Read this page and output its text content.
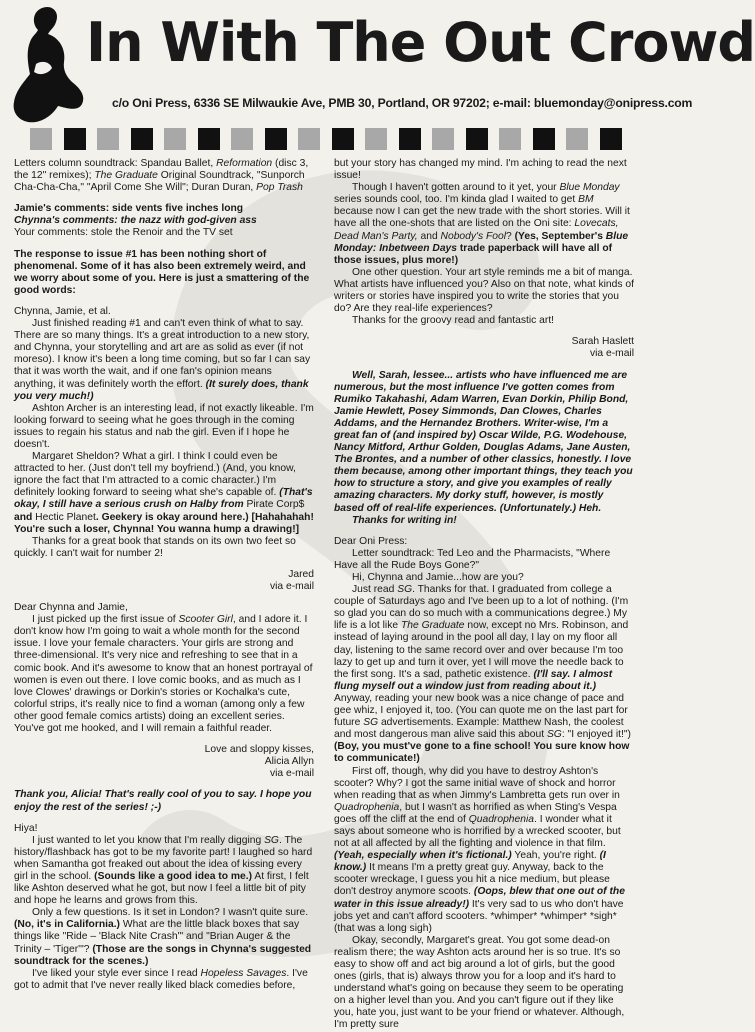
In With The Out Crowd
c/o Oni Press, 6336 SE Milwaukie Ave, PMB 30, Portland, OR 97202; e-mail: bluemonday@onipress.com

Letters column soundtrack: Spandau Ballet, Reformation (disc 3, the 12" remixes); The Graduate Original Soundtrack, "Sunporch Cha-Cha-Cha," "April Come She Will"; Duran Duran, Pop Trash

Jamie's comments: side vents five inches long

Chynna's comments: the nazz with god-given ass

Your comments: stole the Renoir and the TV set

The response to issue #1 has been nothing short of phenomenal. Some of it has also been extremely weird, and we worry about some of you. Here is just a smattering of the good words:

Chynna, Jamie, et al.

Just finished reading #1 and can't even think of what to say. There are so many things. It's a great introduction to a new story, and Chynna, your storytelling and art are as solid as ever (if not moreso). I know it's been a long time coming, but so far I can say that it was worth the wait, and if one fan's opinion means anything, it was definitely worth the effort. (It surely does, thank you very much!)

Ashton Archer is an interesting lead, if not exactly likeable. I'm looking forward to seeing what he goes through in the coming issues to regain his status and nab the girl. Even if I hope he doesn't.

Margaret Sheldon? What a girl. I think I could even be attracted to her. (Just don't tell my boyfriend.) (And, you know, ignore the fact that I'm attracted to a comic character.) I'm definitely looking forward to seeing what she's capable of. (That's okay, I still have a serious crush on Halby from Pirate Corp$ and Hectic Planet. Geekery is okay around here.) [Hahahahah! You're such a loser, Chynna! You wanna hump a drawing!]

Thanks for a great book that stands on its own two feet so quickly. I can't wait for number 2!

Jared

via e-mail

Dear Chynna and Jamie,

I just picked up the first issue of Scooter Girl, and I adore it. I don't know how I'm going to wait a whole month for the second issue. I love your female characters. Your girls are strong and three-dimensional. It's very nice and refreshing to see that in a comic book. And it's awesome to know that an honest portrayal of women is even out there. I love comic books, and as much as I love Clowes' drawings or Dorkin's stories or Kochalka's cute, colorful strips, it's really nice to find a woman (among only a few other good female comics artists) doing an excellent series. You've got me hooked, and I will remain a faithful reader.

Love and sloppy kisses,

Alicia Allyn

via e-mail

Thank you, Alicia! That's really cool of you to say. I hope you enjoy the rest of the series! ;-)

Hiya!

I just wanted to let you know that I'm really digging SG. The history/flashback has got to be my favorite part! I laughed so hard when Samantha got freaked out about the idea of kissing every girl in the school. (Sounds like a good idea to me.) At first, I felt like Ashton deserved what he got, but now I feel a little bit of pity and hope he learns and grows from this.

Only a few questions. Is it set in London? I wasn't quite sure. (No, it's in California.) What are the little black boxes that say things like "Ride – 'Black Nite Crash'" and "Brian Auger & the Trinity – 'Tiger'"? (Those are the songs in Chynna's suggested soundtrack for the scenes.)

I've liked your style ever since I read Hopeless Savages. I've got to admit that I've never really liked black comedies before,

but your story has changed my mind. I'm aching to read the next issue!

Though I haven't gotten around to it yet, your Blue Monday series sounds cool, too. I'm kinda glad I waited to get BM because now I can get the new trade with the short stories. Will it have all the one-shots that are listed on the Oni site: Lovecats, Dead Man's Party, and Nobody's Fool? (Yes, September's Blue Monday: Inbetween Days trade paperback will have all of those issues, plus more!)

One other question. Your art style reminds me a bit of manga. What artists have influenced you? Also on that note, what kinds of writers or stories have inspired you to write the stories that you do? Are they real-life experiences?

Thanks for the groovy read and fantastic art!

Sarah Haslett

via e-mail

Well, Sarah, lessee... artists who have influenced me are numerous, but the most influence I've gotten comes from Rumiko Takahashi, Adam Warren, Evan Dorkin, Philip Bond, Jamie Hewlett, Posey Simmonds, Dan Clowes, Charles Addams, and the Hernandez Brothers. Writer-wise, I'm a great fan of (and inspired by) Oscar Wilde, P.G. Wodehouse, Nancy Mitford, Arthur Golden, Douglas Adams, Jane Austen, The Brontes, and a number of other classics, honestly. I love them because, among other important things, they teach you how to structure a story, and give you examples of really amazing characters. My dorky stuff, however, is mostly based off of real-life experiences. (Unfortunately.) Heh.

Thanks for writing in!

Dear Oni Press:

Letter soundtrack: Ted Leo and the Pharmacists, "Where Have all the Rude Boys Gone?"

Hi, Chynna and Jamie...how are you?

Just read SG. Thanks for that. I graduated from college a couple of Saturdays ago and I've been up to a lot of nothing. (I'm so glad you can do so much with a communications degree.) My life is a lot like The Graduate now, except no Mrs. Robinson, and instead of laying around in the pool all day, I lay on my floor all day, listening to the same record over and over because I'm too lazy to get up and turn it over, yet I will move the needle back to the first song. It's a sad, pathetic existence. (I'll say. I almost flung myself out a window just from reading about it.) Anyway, reading your new book was a nice change of pace and gee whiz, I enjoyed it, too. (You can quote me on the last part for future SG advertisements. Example: Matthew Nash, the coolest and most dangerous man alive said this about SG: "I enjoyed it!") (Boy, you must've gone to a fine school! You sure know how to communicate!)

First off, though, why did you have to destroy Ashton's scooter? Why? I got the same initial wave of shock and horror when reading that as when Jimmy's Lambretta gets run over in Quadrophenia, but I wasn't as horrified as when Sting's Vespa goes off the cliff at the end of Quadrophenia. I wonder what it says about someone who is horrified by a wrecked scooter, but not at all affected by all the fighting and violence in that film. (Yeah, especially when it's fictional.) Yeah, you're right. (I know.) It means I'm a pretty great guy. Anyway, back to the scooter wreckage, I guess you hit a nice medium, but please don't destroy anymore scoots. (Oops, blew that one out of the water in this issue already!) It's very sad to us who don't have jobs yet and can't afford scooters. *whimper* *whimper* *sigh* (that was a long sigh)

Okay, secondly, Margaret's great. You got some dead-on realism there; the way Ashton acts around her is so true. It's so easy to show off and act big around a lot of girls, but the good ones (girls, that is) always throw you for a loop and it's hard to understand what's going on because they seem to be operating on a higher level than you. And you can't figure out if they like you, hate you, just want to be your friend or whatever. Although, I'm pretty sure
